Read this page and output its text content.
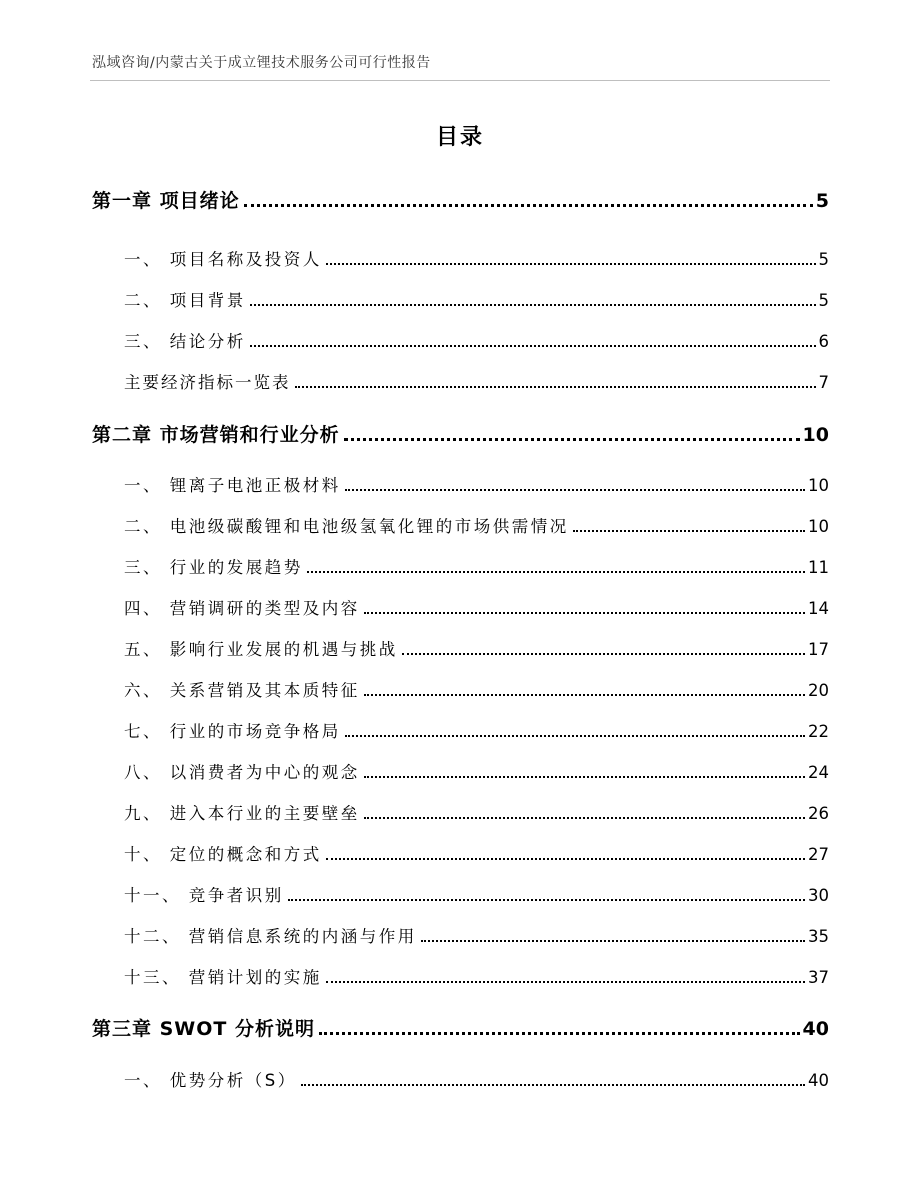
泓域咨询/内蒙古关于成立锂技术服务公司可行性报告
目录
第一章 项目绪论	5
一、 项目名称及投资人	5
二、 项目背景	5
三、 结论分析	6
主要经济指标一览表	7
第二章 市场营销和行业分析	10
一、 锂离子电池正极材料	10
二、 电池级碳酸锂和电池级氢氧化锂的市场供需情况	10
三、 行业的发展趋势	11
四、 营销调研的类型及内容	14
五、 影响行业发展的机遇与挑战	17
六、 关系营销及其本质特征	20
七、 行业的市场竞争格局	22
八、 以消费者为中心的观念	24
九、 进入本行业的主要壁垒	26
十、 定位的概念和方式	27
十一、 竞争者识别	30
十二、 营销信息系统的内涵与作用	35
十三、 营销计划的实施	37
第三章 SWOT 分析说明	40
一、 优势分析（S）	40
